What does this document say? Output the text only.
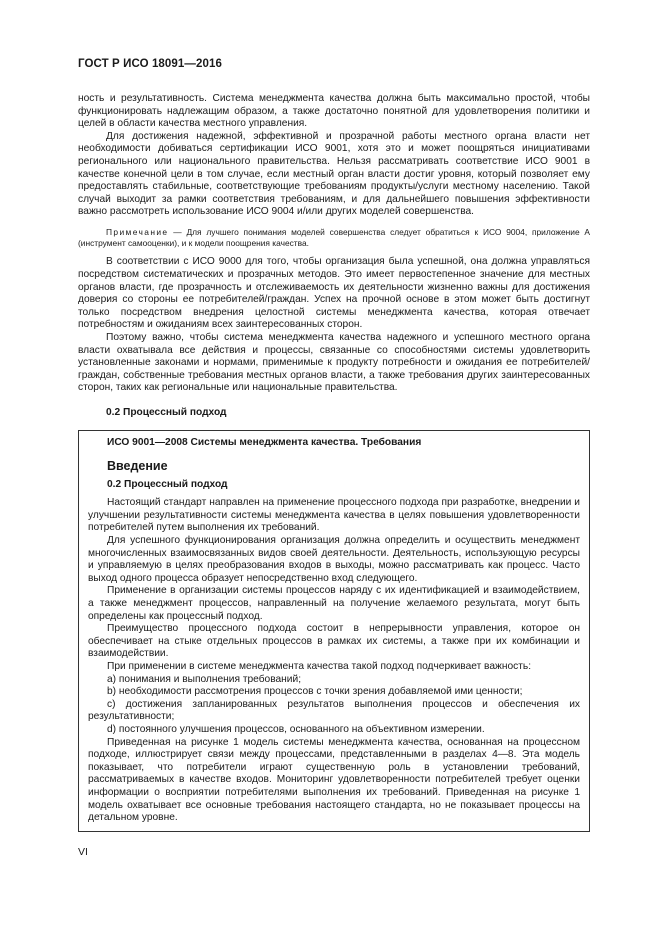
ГОСТ Р ИСО 18091—2016

ность и результативность. Система менеджмента качества должна быть максимально простой, чтобы функционировать надлежащим образом, а также достаточно понятной для удовлетворения политики и целей в области качества местного управления.

Для достижения надежной, эффективной и прозрачной работы местного органа власти нет необходимости добиваться сертификации ИСО 9001, хотя это и может поощряться инициативами регионального или национального правительства. Нельзя рассматривать соответствие ИСО 9001 в качестве конечной цели в том случае, если местный орган власти достиг уровня, который позволяет ему предоставлять стабильные, соответствующие требованиям продукты/услуги местному населению. Такой случай выходит за рамки соответствия требованиям, и для дальнейшего повышения эффективности важно рассмотреть использование ИСО 9004 и/или других моделей совершенства.

Примечание — Для лучшего понимания моделей совершенства следует обратиться к ИСО 9004, приложение А (инструмент самооценки), и к модели поощрения качества.

В соответствии с ИСО 9000 для того, чтобы организация была успешной, она должна управляться посредством систематических и прозрачных методов. Это имеет первостепенное значение для местных органов власти, где прозрачность и отслеживаемость их деятельности жизненно важны для достижения доверия со стороны ее потребителей/граждан. Успех на прочной основе в этом может быть достигнут только посредством внедрения целостной системы менеджмента качества, которая отвечает потребностям и ожиданиям всех заинтересованных сторон.

Поэтому важно, чтобы система менеджмента качества надежного и успешного местного органа власти охватывала все действия и процессы, связанные со способностями системы удовлетворить установленные законами и нормами, применимые к продукту потребности и ожидания ее потребителей/граждан, собственные требования местных органов власти, а также требования других заинтересованных сторон, таких как региональные или национальные правительства.

0.2 Процессный подход
ИСО 9001—2008 Системы менеджмента качества. Требования
Введение
0.2 Процессный подход

Настоящий стандарт направлен на применение процессного подхода при разработке, внедрении и улучшении результативности системы менеджмента качества в целях повышения удовлетворенности потребителей путем выполнения их требований.

Для успешного функционирования организация должна определить и осуществить менеджмент многочисленных взаимосвязанных видов своей деятельности. Деятельность, использующую ресурсы и управляемую в целях преобразования входов в выходы, можно рассматривать как процесс. Часто выход одного процесса образует непосредственно вход следующего.

Применение в организации системы процессов наряду с их идентификацией и взаимодействием, а также менеджмент процессов, направленный на получение желаемого результата, могут быть определены как процессный подход.

Преимущество процессного подхода состоит в непрерывности управления, которое он обеспечивает на стыке отдельных процессов в рамках их системы, а также при их комбинации и взаимодействии.

При применении в системе менеджмента качества такой подход подчеркивает важность:

a) понимания и выполнения требований;

b) необходимости рассмотрения процессов с точки зрения добавляемой ими ценности;

c) достижения запланированных результатов выполнения процессов и обеспечения их результативности;

d) постоянного улучшения процессов, основанного на объективном измерении.

Приведенная на рисунке 1 модель системы менеджмента качества, основанная на процессном подходе, иллюстрирует связи между процессами, представленными в разделах 4—8. Эта модель показывает, что потребители играют существенную роль в установлении требований, рассматриваемых в качестве входов. Мониторинг удовлетворенности потребителей требует оценки информации о восприятии потребителями выполнения их требований. Приведенная на рисунке 1 модель охватывает все основные требования настоящего стандарта, но не показывает процессы на детальном уровне.

VI
